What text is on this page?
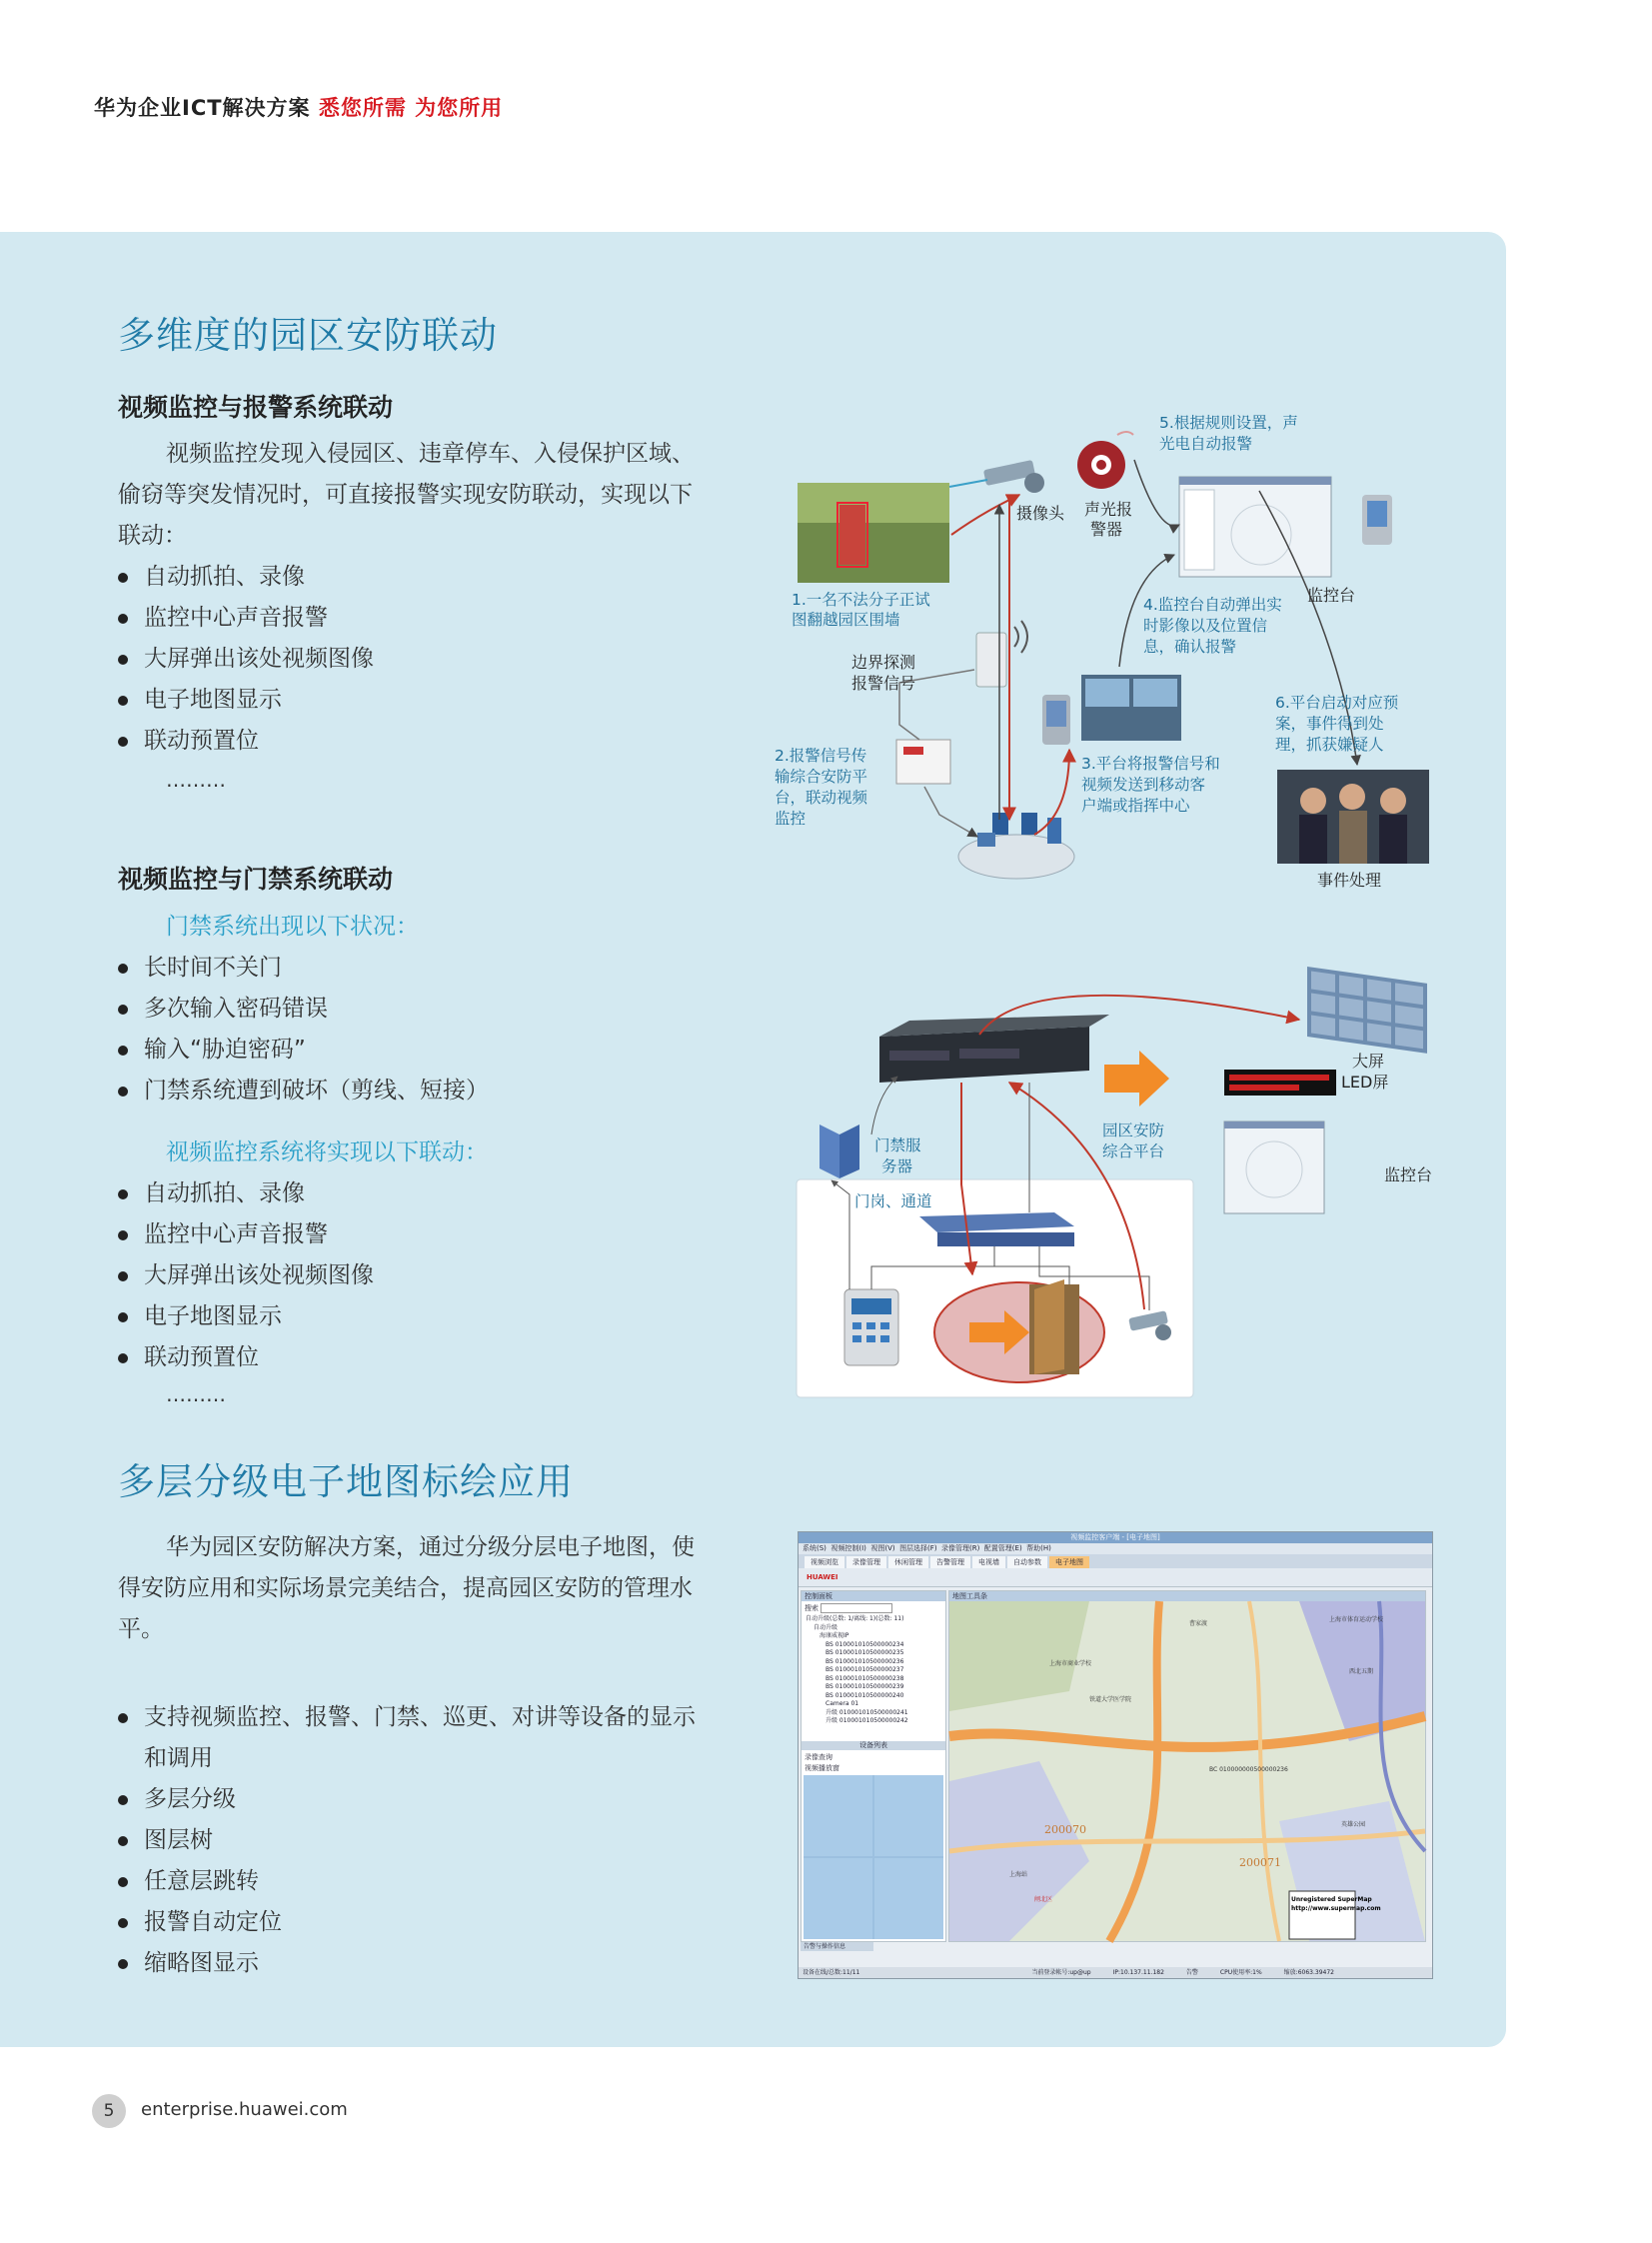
华为企业ICT解决方案 悉您所需 为您所用
多维度的园区安防联动
视频监控与报警系统联动
视频监控发现入侵园区、违章停车、入侵保护区域、
偷窃等突发情况时，可直接报警实现安防联动，实现以下
联动：
自动抓拍、录像
监控中心声音报警
大屏弹出该处视频图像
电子地图显示
联动预置位
………
视频监控与门禁系统联动
门禁系统出现以下状况：
长时间不关门
多次输入密码错误
输入“胁迫密码”
门禁系统遭到破坏（剪线、短接）
视频监控系统将实现以下联动：
自动抓拍、录像
监控中心声音报警
大屏弹出该处视频图像
电子地图显示
联动预置位
………
1.一名不法分子正试
图翻越园区围墙
摄像头 声光报
警器
5.根据规则设置，声
光电自动报警
监控台
4.监控台自动弹出实
时影像以及位置信
息，确认报警
边界探测
报警信号
2.报警信号传
输综合安防平
台，联动视频
监控
3.平台将报警信号和
视频发送到移动客
户端或指挥中心
6.平台启动对应预
案，事件得到处
理，抓获嫌疑人
事件处理
大屏
LED屏
园区安防
综合平台
监控台
门禁服
务器
门岗、通道
多层分级电子地图标绘应用
华为园区安防解决方案，通过分级分层电子地图，使
得安防应用和实际场景完美结合，提高园区安防的管理水
平。
支持视频监控、报警、门禁、巡更、对讲等设备的显示
和调用
多层分级
图层树
任意层跳转
报警自动定位
缩略图显示
视频监控客户端 - [电子地图]
系统(S) 视频控制(I) 视图(V) 图层选择(F) 录像管理(R) 配置管理(E) 帮助(H)
视频浏览	录像管理	休闲管理	告警管理	电视墙	自动参数	电子地图
HUAWEI
控制面板
搜索
自动升级(总数: 1/离线: 1)(总数: 11)
自动升级
海康威视IP
BS 010001010500000234
BS 010001010500000235
BS 010001010500000236
BS 010001010500000237
BS 010001010500000238
BS 010001010500000239
BS 010001010500000240
Camera 01
升级 010001010500000241
升级 010001010500000242
设备列表
录像查询
视频播放窗
地图工具条
上海市商业学校
上海市体育运动学校
铁道大学医学院
BC 010000000500000236
200070
200071
上海站
闸北区
曹家渡
西北五期
英雄公园
Unregistered SuperMap
http://www.supermap.com
告警与操作信息
设备在线/总数:11/11	当前登录帐号:up@up	IP:10.137.11.182	告警	CPU使用率:1%	缩放:6063.39472
5	enterprise.huawei.com
